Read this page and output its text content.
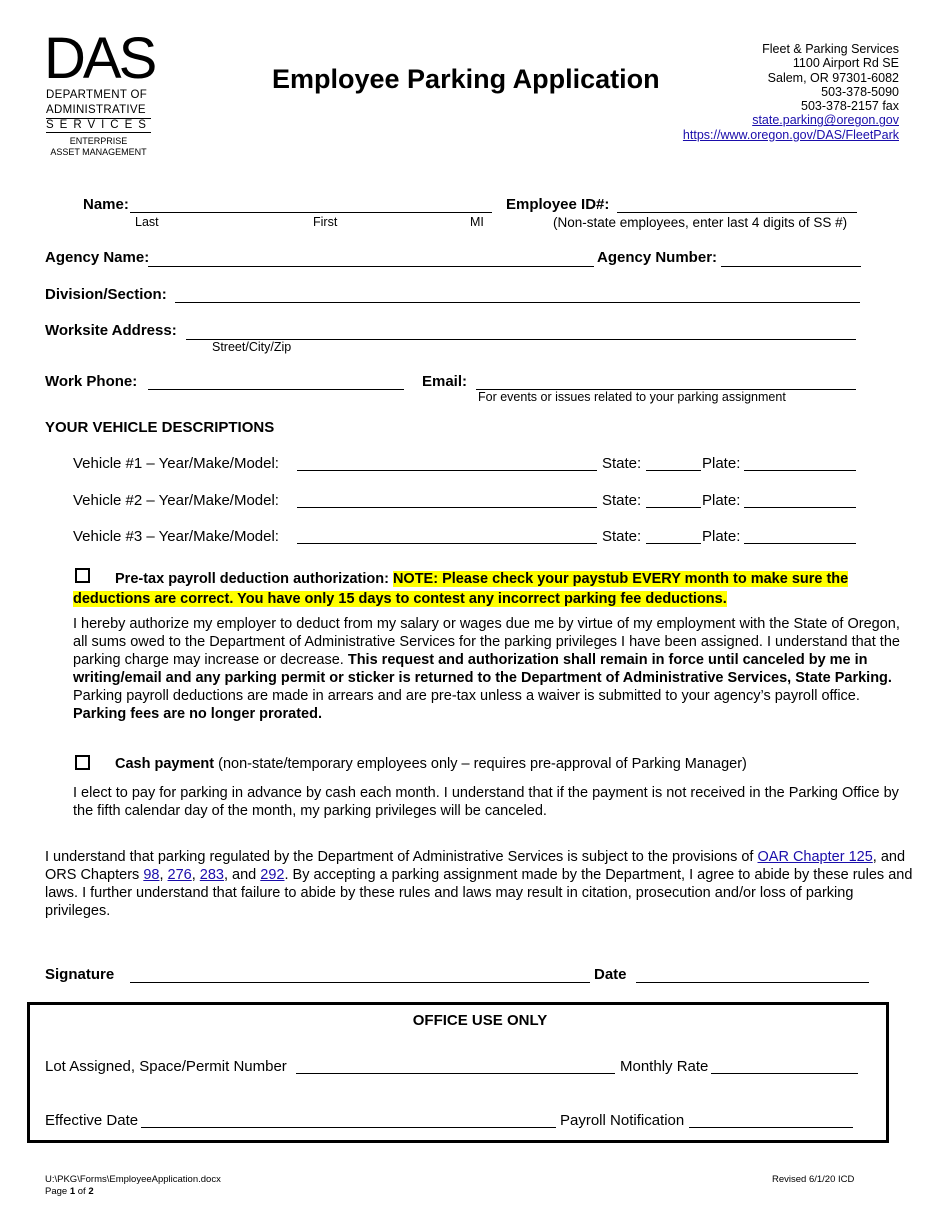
DAS
DEPARTMENT OF
ADMINISTRATIVE
SERVICES
ENTERPRISE
ASSET MANAGEMENT
Employee Parking Application
Fleet & Parking Services
1100 Airport Rd SE
Salem, OR 97301-6082
503-378-5090
503-378-2157 fax
state.parking@oregon.gov
https://www.oregon.gov/DAS/FleetPark
Name:
Last	First	MI
Employee ID#:
(Non-state employees, enter last 4 digits of SS #)
Agency Name:	Agency Number:
Division/Section:
Worksite Address:
Street/City/Zip
Work Phone:	Email:
For events or issues related to your parking assignment
YOUR VEHICLE DESCRIPTIONS
Vehicle #1 – Year/Make/Model:	State:	Plate:
Vehicle #2 – Year/Make/Model:	State:	Plate:
Vehicle #3 – Year/Make/Model:	State:	Plate:
Pre-tax payroll deduction authorization: NOTE: Please check your paystub EVERY month to make sure the
deductions are correct. You have only 15 days to contest any incorrect parking fee deductions.
I hereby authorize my employer to deduct from my salary or wages due me by virtue of my employment with the State of Oregon, all sums owed to the Department of Administrative Services for the parking privileges I have been assigned. I understand that the parking charge may increase or decrease. This request and authorization shall remain in force until canceled by me in writing/email and any parking permit or sticker is returned to the Department of Administrative Services, State Parking. Parking payroll deductions are made in arrears and are pre-tax unless a waiver is submitted to your agency’s payroll office. Parking fees are no longer prorated.
Cash payment (non-state/temporary employees only – requires pre-approval of Parking Manager)
I elect to pay for parking in advance by cash each month. I understand that if the payment is not received in the Parking Office by the fifth calendar day of the month, my parking privileges will be canceled.
I understand that parking regulated by the Department of Administrative Services is subject to the provisions of OAR Chapter 125, and ORS Chapters 98, 276, 283, and 292. By accepting a parking assignment made by the Department, I agree to abide by these rules and laws. I further understand that failure to abide by these rules and laws may result in citation, prosecution and/or loss of parking privileges.
Signature	Date
OFFICE USE ONLY
Lot Assigned, Space/Permit Number	Monthly Rate
Effective Date	Payroll Notification
U:\PKG\Forms\EmployeeApplication.docx
Page 1 of 2
Revised 6/1/20 ICD
